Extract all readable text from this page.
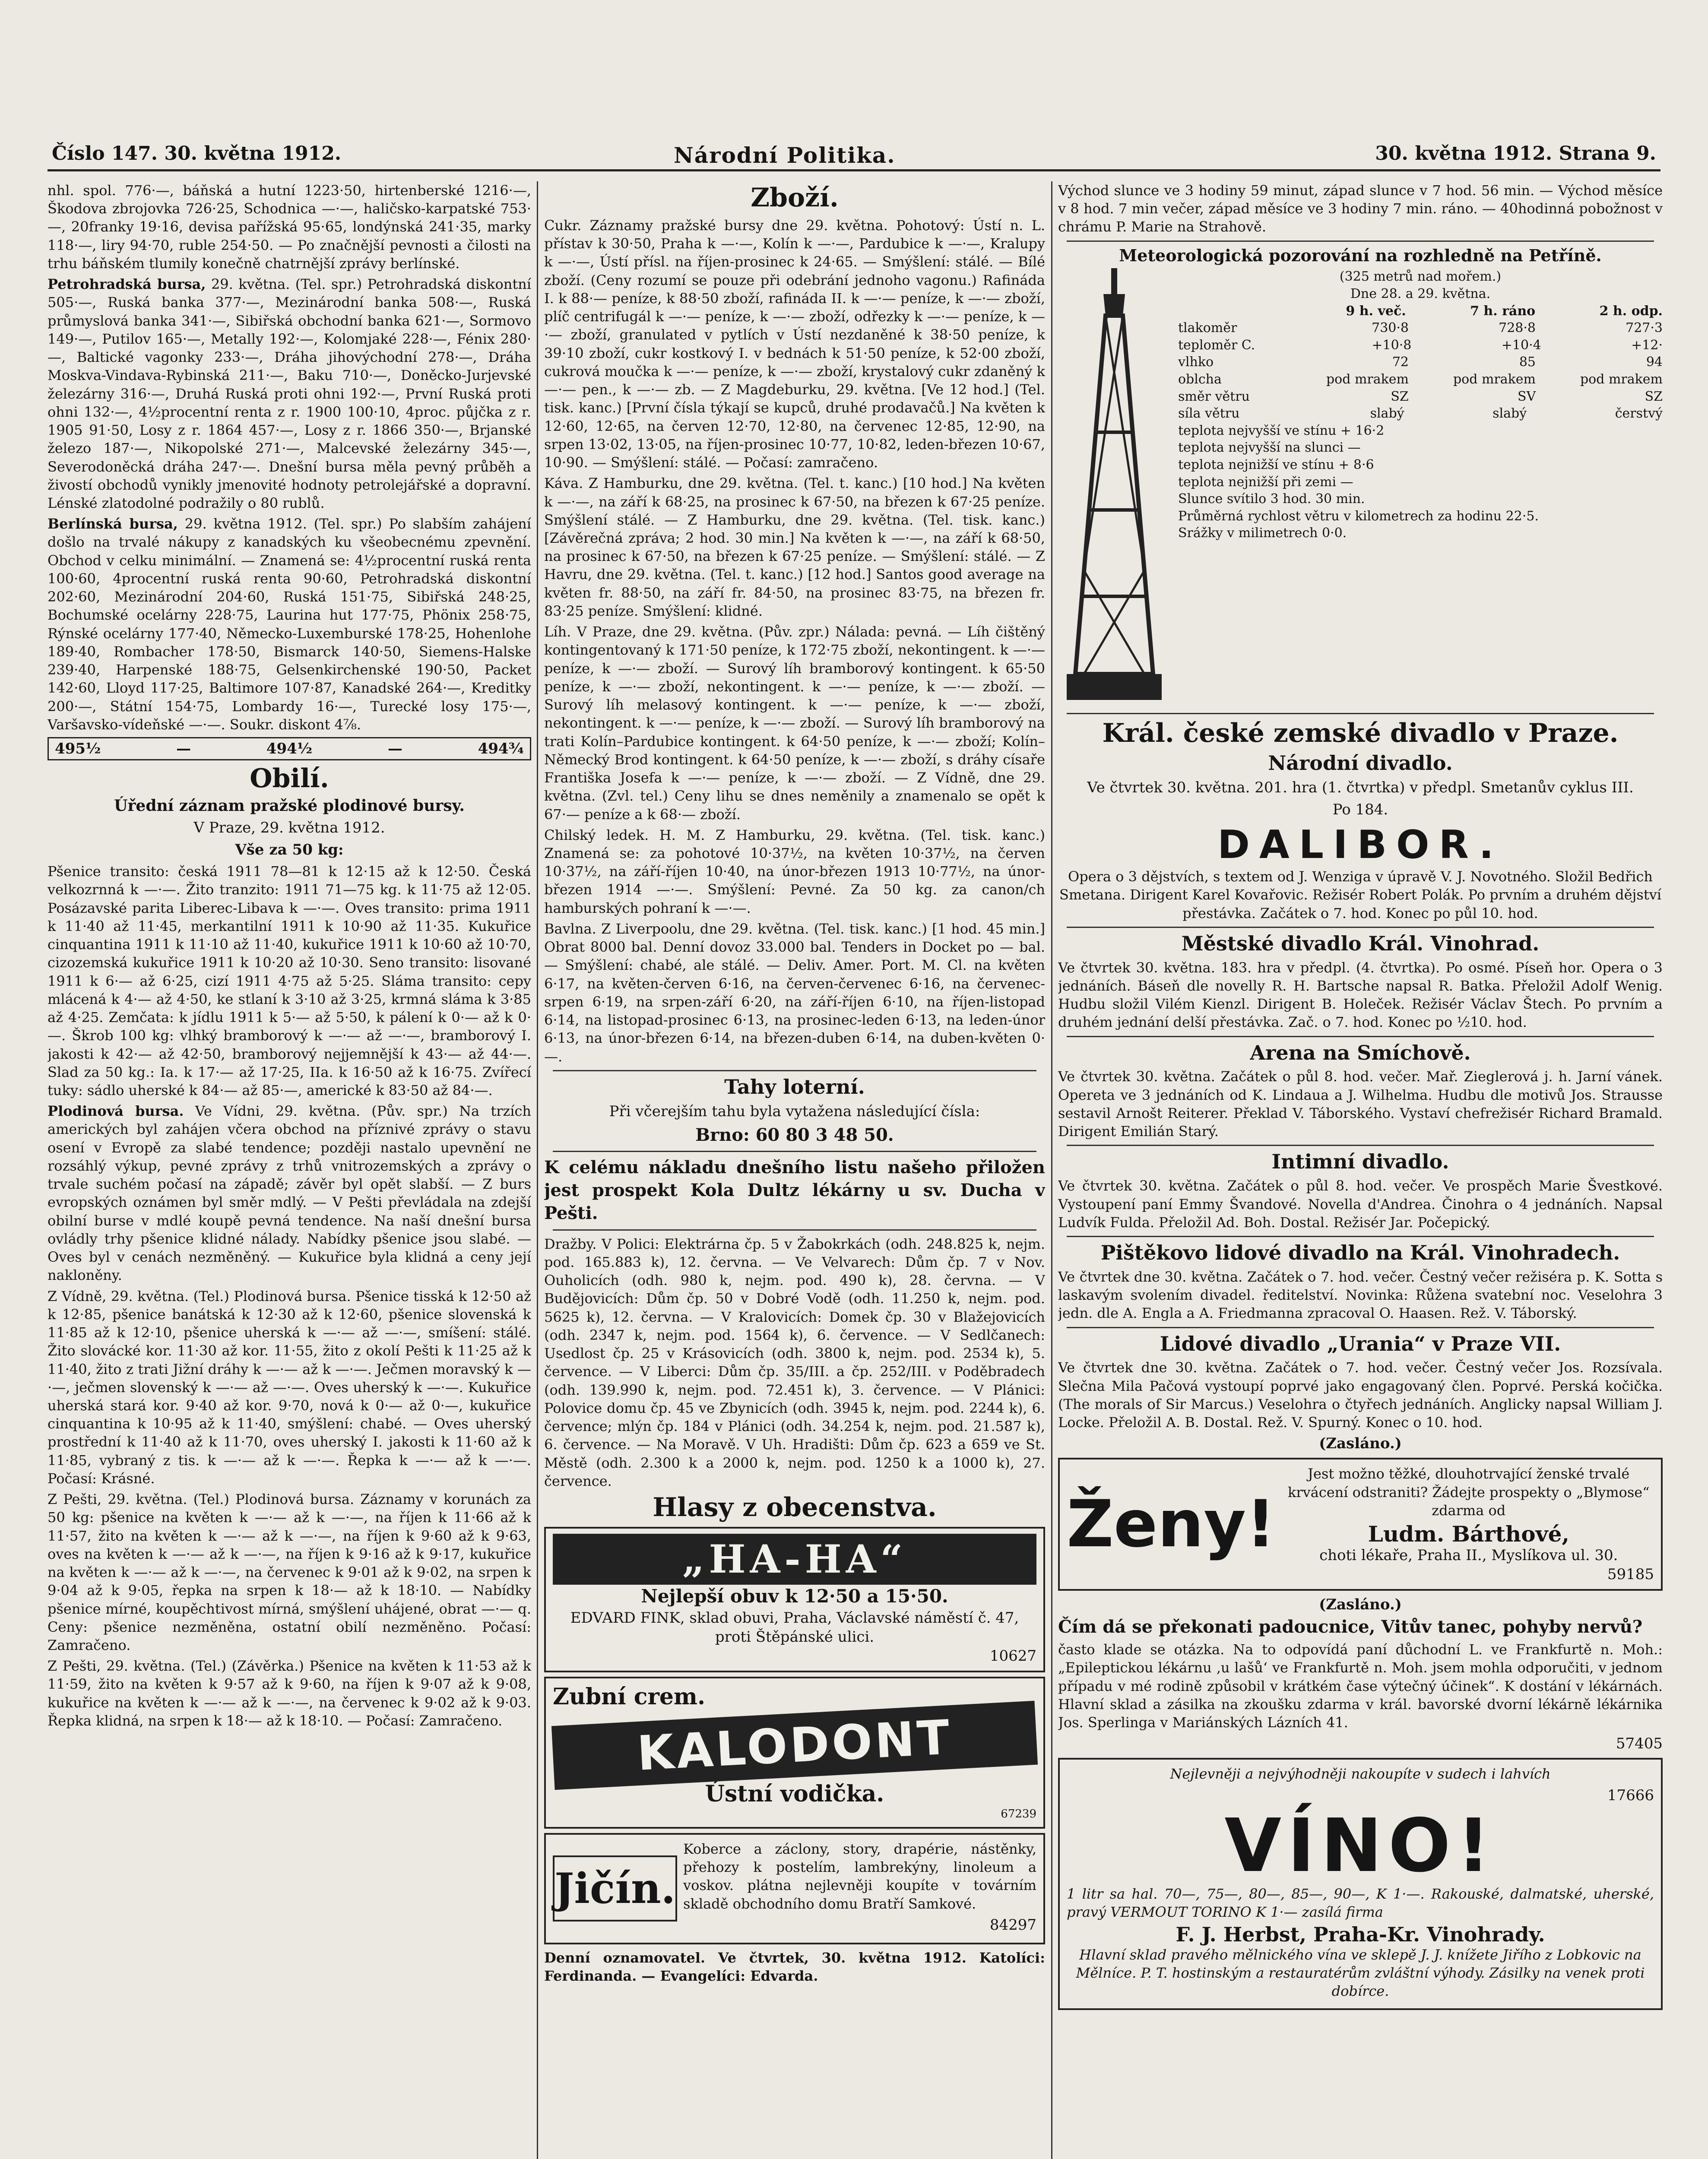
Číslo 147. 30. května 1912.	Národní Politika.	30. května 1912. Strana 9.

nhl. spol. 776·—, báňská a hutní 1223·50, hirtenberské 1216·—, Škodova zbrojovka 726·25, Schodnica —·—, haličsko-karpatské 753·—, 20franky 19·16, devisa pařížská 95·65, londýnská 241·35, marky 118·—, liry 94·70, ruble 254·50. — Po značnější pevnosti a čilosti na trhu báňském tlumily konečně chatrnější zprávy berlínské.

Petrohradská bursa, 29. května. (Tel. spr.) Petrohradská diskontní 505·—, Ruská banka 377·—, Mezinárodní banka 508·—, Ruská průmyslová banka 341·—, Sibiřská obchodní banka 621·—, Sormovo 149·—, Putilov 165·—, Metally 192·—, Kolomjaké 228·—, Fénix 280·—, Baltické vagonky 233·—, Dráha jihovýchodní 278·—, Dráha Moskva-Vindava-Rybinská 211·—, Baku 710·—, Doněcko-Jurjevské železárny 316·—, Druhá Ruská proti ohni 192·—, První Ruská proti ohni 132·—, 4½procentní renta z r. 1900 100·10, 4proc. půjčka z r. 1905 91·50, Losy z r. 1864 457·—, Losy z r. 1866 350·—, Brjanské železo 187·—, Nikopolské 271·—, Malcevské železárny 345·—, Severodoněcká dráha 247·—. Dnešní bursa měla pevný průběh a živostí obchodů vynikly jmenovité hodnoty petrolejářské a dopravní. Lénské zlatodolné podražily o 80 rublů.

Berlínská bursa, 29. května 1912. (Tel. spr.) Po slabším zahájení došlo na trvalé nákupy z kanadských ku všeobecnému zpevnění. Obchod v celku minimální. — Znamená se: 4½procentní ruská renta 100·60, 4procentní ruská renta 90·60, Petrohradská diskontní 202·60, Mezinárodní 204·60, Ruská 151·75, Sibiřská 248·25, Bochumské ocelárny 228·75, Laurina hut 177·75, Phönix 258·75, Rýnské ocelárny 177·40, Německo-Luxemburské 178·25, Hohenlohe 189·40, Rombacher 178·50, Bismarck 140·50, Siemens-Halske 239·40, Harpenské 188·75, Gelsenkirchenské 190·50, Packet 142·60, Lloyd 117·25, Baltimore 107·87, Kanadské 264·—, Kreditky 200·—, Státní 154·75, Lombardy 16·—, Turecké losy 175·—, Varšavsko-vídeňské —·—. Soukr. diskont 4⅞.

495½	—	494½	—	494¾
Obilí.
Úřední záznam pražské plodinové bursy.
V Praze, 29. května 1912.
Vše za 50 kg:

Pšenice transito: česká 1911 78—81 k 12·15 až k 12·50. Česká velkozrnná k —·—. Žito tranzito: 1911 71—75 kg. k 11·75 až 12·05. Posázavské parita Liberec-Libava k —·—. Oves transito: prima 1911 k 11·40 až 11·45, merkantilní 1911 k 10·90 až 11·35. Kukuřice cinquantina 1911 k 11·10 až 11·40, kukuřice 1911 k 10·60 až 10·70, cizozemská kukuřice 1911 k 10·20 až 10·30. Seno transito: lisované 1911 k 6·— až 6·25, cizí 1911 4·75 až 5·25. Sláma transito: cepy mlácená k 4·— až 4·50, ke stlaní k 3·10 až 3·25, krmná sláma k 3·85 až 4·25. Zemčata: k jídlu 1911 k 5·— až 5·50, k pálení k 0·— až k 0·—. Škrob 100 kg: vlhký bramborový k —·— až —·—, bramborový I. jakosti k 42·— až 42·50, bramborový nejjemnější k 43·— až 44·—. Slad za 50 kg.: Ia. k 17·— až 17·25, IIa. k 16·50 až k 16·75. Zvířecí tuky: sádlo uherské k 84·— až 85·—, americké k 83·50 až 84·—.

Plodinová bursa. Ve Vídni, 29. května. (Pův. spr.) Na trzích amerických byl zahájen včera obchod na příznivé zprávy o stavu osení v Evropě za slabé tendence; později nastalo upevnění ne rozsáhlý výkup, pevné zprávy z trhů vnitrozemských a zprávy o trvale suchém počasí na západě; závěr byl opět slabší. — Z burs evropských oznámen byl směr mdlý. — V Pešti převládala na zdejší obilní burse v mdlé koupě pevná tendence. Na naší dnešní bursa ovládly trhy pšenice klidné nálady. Nabídky pšenice jsou slabé. — Oves byl v cenách nezměněný. — Kukuřice byla klidná a ceny její nakloněny.

Z Vídně, 29. května. (Tel.) Plodinová bursa. Pšenice tisská k 12·50 až k 12·85, pšenice banátská k 12·30 až k 12·60, pšenice slovenská k 11·85 až k 12·10, pšenice uherská k —·— až —·—, smíšení: stálé. Žito slovácké kor. 11·30 až kor. 11·55, žito z okolí Pešti k 11·25 až k 11·40, žito z trati Jižní dráhy k —·— až k —·—. Ječmen moravský k —·—, ječmen slovenský k —·— až —·—. Oves uherský k —·—. Kukuřice uherská stará kor. 9·40 až kor. 9·70, nová k 0·— až 0·—, kukuřice cinquantina k 10·95 až k 11·40, smýšlení: chabé. — Oves uherský prostřední k 11·40 až k 11·70, oves uherský I. jakosti k 11·60 až k 11·85, vybraný z tis. k —·— až k —·—. Řepka k —·— až k —·—. Počasí: Krásné.

Z Pešti, 29. května. (Tel.) Plodinová bursa. Záznamy v korunách za 50 kg: pšenice na květen k —·— až k —·—, na říjen k 11·66 až k 11·57, žito na květen k —·— až k —·—, na říjen k 9·60 až k 9·63, oves na květen k —·— až k —·—, na říjen k 9·16 až k 9·17, kukuřice na květen k —·— až k —·—, na červenec k 9·01 až k 9·02, na srpen k 9·04 až k 9·05, řepka na srpen k 18·— až k 18·10. — Nabídky pšenice mírné, koupěchtivost mírná, smýšlení uhájené, obrat —·— q. Ceny: pšenice nezměněna, ostatní obilí nezměněno. Počasí: Zamračeno.

Z Pešti, 29. května. (Tel.) (Závěrka.) Pšenice na květen k 11·53 až k 11·59, žito na květen k 9·57 až k 9·60, na říjen k 9·07 až k 9·08, kukuřice na květen k —·— až k —·—, na červenec k 9·02 až k 9·03. Řepka klidná, na srpen k 18·— až k 18·10. — Počasí: Zamračeno.

Zboží.

Cukr. Záznamy pražské bursy dne 29. května. Pohotový: Ústí n. L. přístav k 30·50, Praha k —·—, Kolín k —·—, Pardubice k —·—, Kralupy k —·—, Ústí přísl. na říjen-prosinec k 24·65. — Smýšlení: stálé. — Bílé zboží. (Ceny rozumí se pouze při odebrání jednoho vagonu.) Rafináda I. k 88·— peníze, k 88·50 zboží, rafináda II. k —·— peníze, k —·— zboží, plíč centrifugál k —·— peníze, k —·— zboží, odřezky k —·— peníze, k —·— zboží, granulated v pytlích v Ústí nezdaněné k 38·50 peníze, k 39·10 zboží, cukr kostkový I. v bednách k 51·50 peníze, k 52·00 zboží, cukrová moučka k —·— peníze, k —·— zboží, krystalový cukr zdaněný k —·— pen., k —·— zb. — Z Magdeburku, 29. května. [Ve 12 hod.] (Tel. tisk. kanc.) [První čísla týkají se kupců, druhé prodavačů.] Na květen k 12·60, 12·65, na červen 12·70, 12·80, na červenec 12·85, 12·90, na srpen 13·02, 13·05, na říjen-prosinec 10·77, 10·82, leden-březen 10·67, 10·90. — Smýšlení: stálé. — Počasí: zamračeno.

Káva. Z Hamburku, dne 29. května. (Tel. t. kanc.) [10 hod.] Na květen k —·—, na září k 68·25, na prosinec k 67·50, na březen k 67·25 peníze. Smýšlení stálé. — Z Hamburku, dne 29. května. (Tel. tisk. kanc.) [Závěrečná zpráva; 2 hod. 30 min.] Na květen k —·—, na září k 68·50, na prosinec k 67·50, na březen k 67·25 peníze. — Smýšlení: stálé. — Z Havru, dne 29. května. (Tel. t. kanc.) [12 hod.] Santos good average na květen fr. 88·50, na září fr. 84·50, na prosinec 83·75, na březen fr. 83·25 peníze. Smýšlení: klidné.

Líh. V Praze, dne 29. května. (Pův. zpr.) Nálada: pevná. — Líh čištěný kontingentovaný k 171·50 peníze, k 172·75 zboží, nekontingent. k —·— peníze, k —·— zboží. — Surový líh bramborový kontingent. k 65·50 peníze, k —·— zboží, nekontingent. k —·— peníze, k —·— zboží. — Surový líh melasový kontingent. k —·— peníze, k —·— zboží, nekontingent. k —·— peníze, k —·— zboží. — Surový líh bramborový na trati Kolín–Pardubice kontingent. k 64·50 peníze, k —·— zboží; Kolín–Německý Brod kontingent. k 64·50 peníze, k —·— zboží, s dráhy císaře Františka Josefa k —·— peníze, k —·— zboží. — Z Vídně, dne 29. května. (Zvl. tel.) Ceny lihu se dnes neměnily a znamenalo se opět k 67·— peníze a k 68·— zboží.

Chilský ledek. H. M. Z Hamburku, 29. května. (Tel. tisk. kanc.) Znamená se: za pohotové 10·37½, na květen 10·37½, na červen 10·37½, na září-říjen 10·40, na únor-březen 1913 10·77½, na únor-březen 1914 —·—. Smýšlení: Pevné. Za 50 kg. za canon/ch hamburských pohraní k —·—.

Bavlna. Z Liverpoolu, dne 29. května. (Tel. tisk. kanc.) [1 hod. 45 min.] Obrat 8000 bal. Denní dovoz 33.000 bal. Tenders in Docket po — bal. — Smýšlení: chabé, ale stálé. — Deliv. Amer. Port. M. Cl. na květen 6·17, na květen-červen 6·16, na červen-červenec 6·16, na červenec-srpen 6·19, na srpen-září 6·20, na září-říjen 6·10, na říjen-listopad 6·14, na listopad-prosinec 6·13, na prosinec-leden 6·13, na leden-únor 6·13, na únor-březen 6·14, na březen-duben 6·14, na duben-květen 0·—.

Tahy loterní.
Při včerejším tahu byla vytažena následující čísla:
Brno: 60 80 3 48 50.

K celému nákladu dnešního listu našeho přiložen jest prospekt Kola Dultz lékárny u sv. Ducha v Pešti.

Dražby. V Polici: Elektrárna čp. 5 v Žabokrkách (odh. 248.825 k, nejm. pod. 165.883 k), 12. června. — Ve Velvarech: Dům čp. 7 v Nov. Ouholicích (odh. 980 k, nejm. pod. 490 k), 28. června. — V Budějovicích: Dům čp. 50 v Dobré Vodě (odh. 11.250 k, nejm. pod. 5625 k), 12. června. — V Kralovicích: Domek čp. 30 v Blažejovicích (odh. 2347 k, nejm. pod. 1564 k), 6. července. — V Sedlčanech: Usedlost čp. 25 v Krásovicích (odh. 3800 k, nejm. pod. 2534 k), 5. července. — V Liberci: Dům čp. 35/III. a čp. 252/III. v Poděbradech (odh. 139.990 k, nejm. pod. 72.451 k), 3. července. — V Plánici: Polovice domu čp. 45 ve Zbynicích (odh. 3945 k, nejm. pod. 2244 k), 6. července; mlýn čp. 184 v Plánici (odh. 34.254 k, nejm. pod. 21.587 k), 6. července. — Na Moravě. V Uh. Hradišti: Dům čp. 623 a 659 ve St. Městě (odh. 2.300 k a 2000 k, nejm. pod. 1250 k a 1000 k), 27. července.

Hlasy z obecenstva.
„HA-HA“
Nejlepší obuv k 12·50 a 15·50.
EDVARD FINK, sklad obuvi, Praha, Václavské náměstí č. 47, proti Štěpánské ulici.
10627
Zubní crem.
KALODONT
Ústní vodička.
67239
Jičín.

Koberce a záclony, story, drapérie, nástěnky, přehozy k postelím, lambrekýny, linoleum a voskov. plátna nejlevněji koupíte v továrním skladě obchodního domu Bratří Samkové.

84297

Denní oznamovatel. Ve čtvrtek, 30. května 1912. Katolíci: Ferdinanda. — Evangelíci: Edvarda.

Východ slunce ve 3 hodiny 59 minut, západ slunce v 7 hod. 56 min. — Východ měsíce v 8 hod. 7 min večer, západ měsíce ve 3 hodiny 7 min. ráno. — 40hodinná pobožnost v chrámu P. Marie na Strahově.

Meteorologická pozorování na rozhledně na Petříně.
(325 metrů nad mořem.)
Dne 28. a 29. května.
9 h. več.	7 h. ráno	2 h. odp.
tlakoměr	730·8	728·8	727·3
teploměr C.	+10·8	+10·4	+12·
vlhko	72	85	94
oblcha	pod mrakem	pod mrakem	pod mrakem
směr větru	SZ	SV	SZ
síla větru	slabý	slabý	čerstvý
teplota nejvyšší ve stínu + 16·2
teplota nejvyšší na slunci —
teplota nejnižší ve stínu + 8·6
teplota nejnižší při zemi —
Slunce svítilo 3 hod. 30 min.
Průměrná rychlost větru v kilometrech za hodinu 22·5.
Srážky v milimetrech 0·0.
Král. české zemské divadlo v Praze.
Národní divadlo.
Ve čtvrtek 30. května. 201. hra (1. čtvrtka) v předpl. Smetanův cyklus III.
Po 184.
DALIBOR.

Opera o 3 dějstvích, s textem od J. Wenziga v úpravě V. J. Novotného. Složil Bedřich Smetana. Dirigent Karel Kovařovic. Režisér Robert Polák. Po prvním a druhém dějství přestávka. Začátek o 7. hod. Konec po půl 10. hod.

Městské divadlo Král. Vinohrad.

Ve čtvrtek 30. května. 183. hra v předpl. (4. čtvrtka). Po osmé. Píseň hor. Opera o 3 jednáních. Báseň dle novelly R. H. Bartsche napsal R. Batka. Přeložil Adolf Wenig. Hudbu složil Vilém Kienzl. Dirigent B. Holeček. Režisér Václav Štech. Po prvním a druhém jednání delší přestávka. Zač. o 7. hod. Konec po ½10. hod.

Arena na Smíchově.

Ve čtvrtek 30. května. Začátek o půl 8. hod. večer. Mař. Zieglerová j. h. Jarní vánek. Opereta ve 3 jednáních od K. Lindaua a J. Wilhelma. Hudbu dle motivů Jos. Strausse sestavil Arnošt Reiterer. Překlad V. Táborského. Vystaví chefrežisér Richard Bramald. Dirigent Emilián Starý.

Intimní divadlo.

Ve čtvrtek 30. května. Začátek o půl 8. hod. večer. Ve prospěch Marie Švestkové. Vystoupení paní Emmy Švandové. Novella d'Andrea. Činohra o 4 jednáních. Napsal Ludvík Fulda. Přeložil Ad. Boh. Dostal. Režisér Jar. Počepický.

Pištěkovo lidové divadlo na Král. Vinohradech.

Ve čtvrtek dne 30. května. Začátek o 7. hod. večer. Čestný večer režiséra p. K. Sotta s laskavým svolením divadel. ředitelství. Novinka: Růžena svatební noc. Veselohra 3 jedn. dle A. Engla a A. Friedmanna zpracoval O. Haasen. Rež. V. Táborský.

Lidové divadlo „Urania“ v Praze VII.

Ve čtvrtek dne 30. května. Začátek o 7. hod. večer. Čestný večer Jos. Rozsívala. Slečna Mila Pačová vystoupí poprvé jako engagovaný člen. Poprvé. Perská kočička. (The morals of Sir Marcus.) Veselohra o čtyřech jednáních. Anglicky napsal William J. Locke. Přeložil A. B. Dostal. Rež. V. Spurný. Konec o 10. hod.

(Zasláno.)
Ženy!

Jest možno těžké, dlouhotrvající ženské trvalé krvácení odstraniti? Žádejte prospekty o „Blymose“ zdarma od

Ludm. Bárthové,
choti lékaře, Praha II., Myslíkova ul. 30.
59185
(Zasláno.)
Čím dá se překonati padoucnice, Vitův tanec, pohyby nervů?

často klade se otázka. Na to odpovídá paní důchodní L. ve Frankfurtě n. Moh.: „Epileptickou lékárnu ‚u lašů‘ ve Frankfurtě n. Moh. jsem mohla odporučiti, v jednom případu v mé rodině způsobil v krátkém čase výtečný účinek“. K dostání v lékárnách. Hlavní sklad a zásilka na zkoušku zdarma v král. bavorské dvorní lékárně lékárnika Jos. Sperlinga v Mariánských Lázních 41.

57405

Nejlevněji a nejvýhodněji nakoupíte v sudech i lahvích

17666
VÍNO!

1 litr sa hal. 70—, 75—, 80—, 85—, 90—, K 1·—. Rakouské, dalmatské, uherské, pravý VERMOUT TORINO K 1·— zasílá firma

F. J. Herbst, Praha-Kr. Vinohrady.

Hlavní sklad pravého mělnického vína ve sklepě J. J. knížete Jiřího z Lobkovic na Mělníce. P. T. hostinským a restauratérům zvláštní výhody. Zásilky na venek proti dobírce.
